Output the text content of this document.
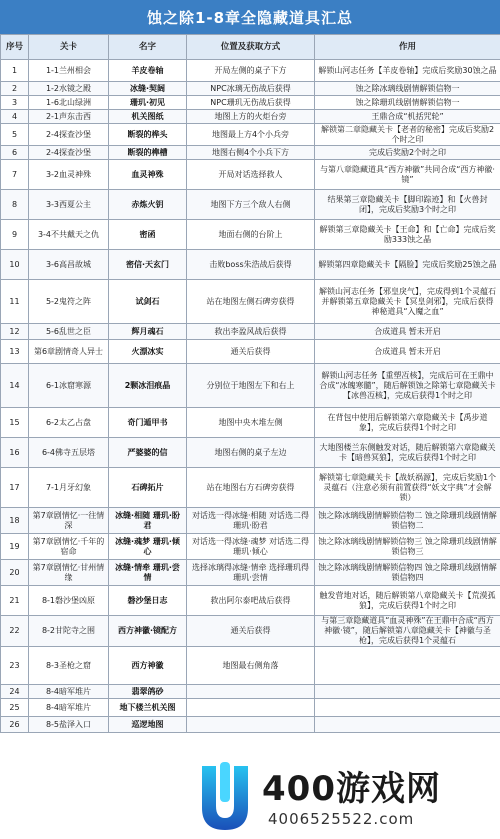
蚀之除1-8章全隐藏道具汇总
序号	关卡	名字	位置及获取方式	作用
1	1-1兰州相会	羊皮卷轴	开局左侧的桌子下方	解锁山河志任务【羊皮卷轴】完成后奖励30蚀之晶
2	1-2水镜之殿	冰缝·契阔	NPC冰璃无伤战后获得	蚀之除冰璃线剧情解锁信物一
3	1-6北山绿洲	珊玑·初见	NPC珊玑无伤战后获得	蚀之除珊玑线剧情解锁信物一
4	2-1声东击西	机关图纸	地图上方的火炬台旁	王鼎合成“机括咒轮”
5	2-4探查沙堡	断裂的桦头	地图最上方4个小兵旁	解锁第二章隐藏关卡【老者的秘密】完成后奖励2个时之印
6	2-4探查沙堡	断裂的榫槽	地图右侧4个小兵下方	完成后奖励2个时之印
7	3-2血灵神殊	血灵神殊	开局对话选择救人	与第八章隐藏道具“西方神徽”共同合成“西方神徽·镜”
8	3-3西夏公主	赤炼火钥	地图下方三个敌人右侧	结果第三章隐藏关卡【脚印踪迹】和【火兽封闭】，完成后奖励3个时之印
9	3-4不共戴天之仇	密函	地面右侧的台阶上	解锁第三章隐藏关卡【王命】和【亡命】完成后奖励333蚀之晶
10	3-6高昌故城	密信·天玄门	击败boss朱浩战后获得	解锁第四章隐藏关卡【隔脸】完成后奖励25蚀之晶
11	5-2鬼符之阵	试剑石	站在地图左侧石碑旁获得	解锁山河志任务【邪皇戾气】，完成得到1个灵蕴石并解锁第五章隐藏关卡【冥皇剑邪】，完成后获得神秘道具“入魔之血”
12	5-6乱世之臣	辉月魂石	救出李盈风战后获得	合成道具 暂未开启
13	第6章剧情奇人异士	火漂冰实	通关后获得	合成道具 暂未开启
14	6-1冰窟寒源	2颗冰泪痕晶	分别位于地图左下和右上	解锁山河志任务【重塑冱核】，完成后可在王鼎中合成“冰魄寒髓”，随后解锁蚀之除第七章隐藏关卡【冰兽冱核】，完成后获得1个时之印
15	6-2太乙占盘	奇门遁甲书	地图中央木堆左侧	在背包中使用后解锁第六章隐藏关卡【禹步道象】，完成后获得1个时之印
16	6-4佛寺五层塔	严婆婆的信	地图右侧的桌子左边	大地图楼兰东侧触发对话，随后解锁第六章隐藏关卡【暗兽冥狼】，完成后获得1个时之印
17	7-1月牙幻象	石碑拓片	站在地图右方石碑旁获得	解锁第七章隐藏关卡【战妖祸源】，完成后奖励1个灵蕴石（注意必须有前置获得“妖文字典”才会解锁）
18	第7章剧情忆·一往情深	冰缝·相随 珊玑·盼君	对话选一得冰缝·相随 对话选二得珊玑·盼君	蚀之除冰璃线剧情解锁信物二 蚀之除珊玑线剧情解锁信物二
19	第7章剧情忆·千年的宿命	冰缝·魂梦 珊玑·倾心	对话选一得冰缝·魂梦 对话选二得珊玑·倾心	蚀之除冰璃线剧情解锁信物三 蚀之除珊玑线剧情解锁信物三
20	第7章剧情忆·甘州情缘	冰缝·情牵 珊玑·尝情	选择冰璃得冰缝·情牵 选择珊玑得珊玑·尝情	蚀之除冰璃线剧情解锁信物四 蚀之除珊玑线剧情解锁信物四
21	8-1磐沙堡凶原	磐沙堡日志	救出阿尔泰吧战后获得	触发营地对话，随后解锁第八章隐藏关卡【荒漠孤狼】，完成后获得1个时之印
22	8-2甘陀寺之围	西方神徽·镜配方	通关后获得	与第三章隐藏道具“血灵神殊”在王鼎中合成“西方神徽·镜”，随后解锁第八章隐藏关卡【神徽与圣枪】，完成后获得1个灵蕴石
23	8-3圣枪之窟	西方神徽	地图最右侧角落	
24	8-4暗军堆片	翡翠鸽砂		
25	8-4暗军堆片	地下楼兰机关图		
26	8-5盐泽入口	巡逻地图		
400游戏网
4006525522.com
